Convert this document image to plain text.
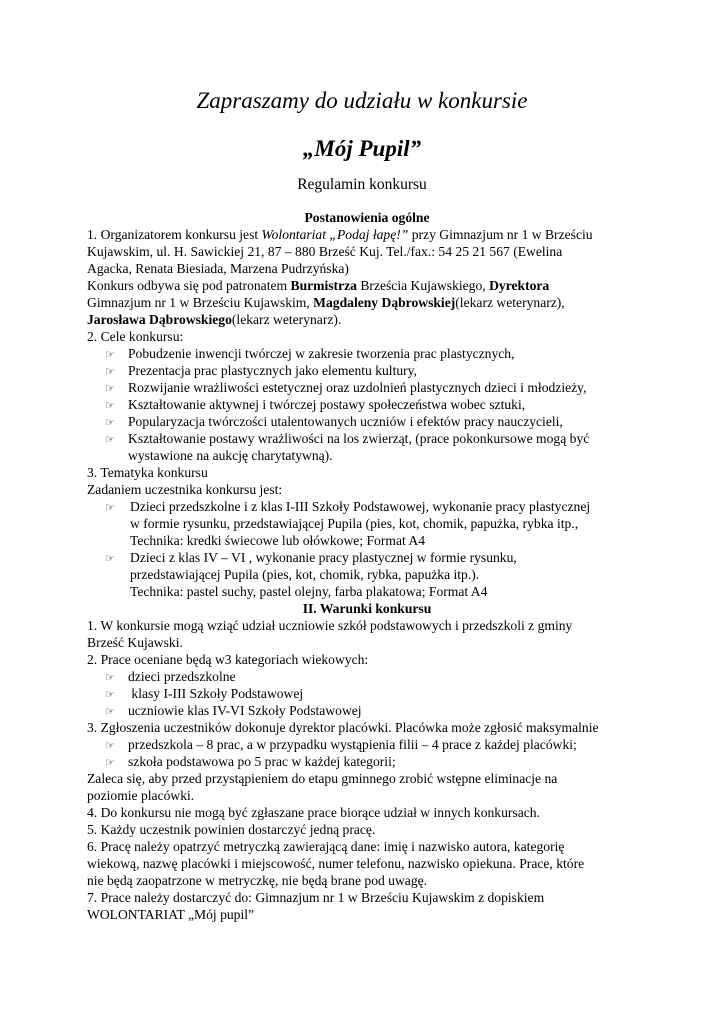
Zapraszamy do udziału w konkursie
„Mój Pupil”
Regulamin konkursu
Postanowienia ogólne
1. Organizatorem konkursu jest Wolontariat „Podaj łapę!” przy Gimnazjum nr 1 w Brześciu
Kujawskim, ul. H. Sawickiej 21, 87 – 880 Brześć Kuj. Tel./fax.: 54 25 21 567 (Ewelina
Agacka, Renata Biesiada, Marzena Pudrzyńska)
Konkurs odbywa się pod patronatem Burmistrza Brześcia Kujawskiego, Dyrektora
Gimnazjum nr 1 w Brześciu Kujawskim, Magdaleny Dąbrowskiej(lekarz weterynarz),
Jarosława Dąbrowskiego(lekarz weterynarz).
2. Cele konkursu:
☞ Pobudzenie inwencji twórczej w zakresie tworzenia prac plastycznych,
☞ Prezentacja prac plastycznych jako elementu kultury,
☞ Rozwijanie wrażliwości estetycznej oraz uzdolnień plastycznych dzieci i młodzieży,
☞ Kształtowanie aktywnej i twórczej postawy społeczeństwa wobec sztuki,
☞ Popularyzacja twórczości utalentowanych uczniów i efektów pracy nauczycieli,
☞ Kształtowanie postawy wrażliwości na los zwierząt, (prace pokonkursowe mogą być
wystawione na aukcję charytatywną).
3. Tematyka konkursu
Zadaniem uczestnika konkursu jest:
☞ Dzieci przedszkolne i z klas I-III Szkoły Podstawowej, wykonanie pracy plastycznej
w formie rysunku, przedstawiającej Pupila (pies, kot, chomik, papużka, rybka itp.,
Technika: kredki świecowe lub ołówkowe; Format A4
☞ Dzieci z klas IV – VI , wykonanie pracy plastycznej w formie rysunku,
przedstawiającej Pupila (pies, kot, chomik, rybka, papużka itp.).
Technika: pastel suchy, pastel olejny, farba plakatowa; Format A4
II. Warunki konkursu
1. W konkursie mogą wziąć udział uczniowie szkół podstawowych i przedszkoli z gminy
Brześć Kujawski.
2. Prace oceniane będą w3 kategoriach wiekowych:
☞ dzieci przedszkolne
☞ klasy I-III Szkoły Podstawowej
☞ uczniowie klas IV-VI Szkoły Podstawowej
3. Zgłoszenia uczestników dokonuje dyrektor placówki. Placówka może zgłosić maksymalnie
☞ przedszkola – 8 prac, a w przypadku wystąpienia filii – 4 prace z każdej placówki;
☞ szkoła podstawowa po 5 prac w każdej kategorii;
Zaleca się, aby przed przystąpieniem do etapu gminnego zrobić wstępne eliminacje na
poziomie placówki.
4. Do konkursu nie mogą być zgłaszane prace biorące udział w innych konkursach.
5. Każdy uczestnik powinien dostarczyć jedną pracę.
6. Pracę należy opatrzyć metryczką zawierającą dane: imię i nazwisko autora, kategorię
wiekową, nazwę placówki i miejscowość, numer telefonu, nazwisko opiekuna. Prace, które
nie będą zaopatrzone w metryczkę, nie będą brane pod uwagę.
7. Prace należy dostarczyć do: Gimnazjum nr 1 w Brześciu Kujawskim z dopiskiem
WOLONTARIAT „Mój pupil”
